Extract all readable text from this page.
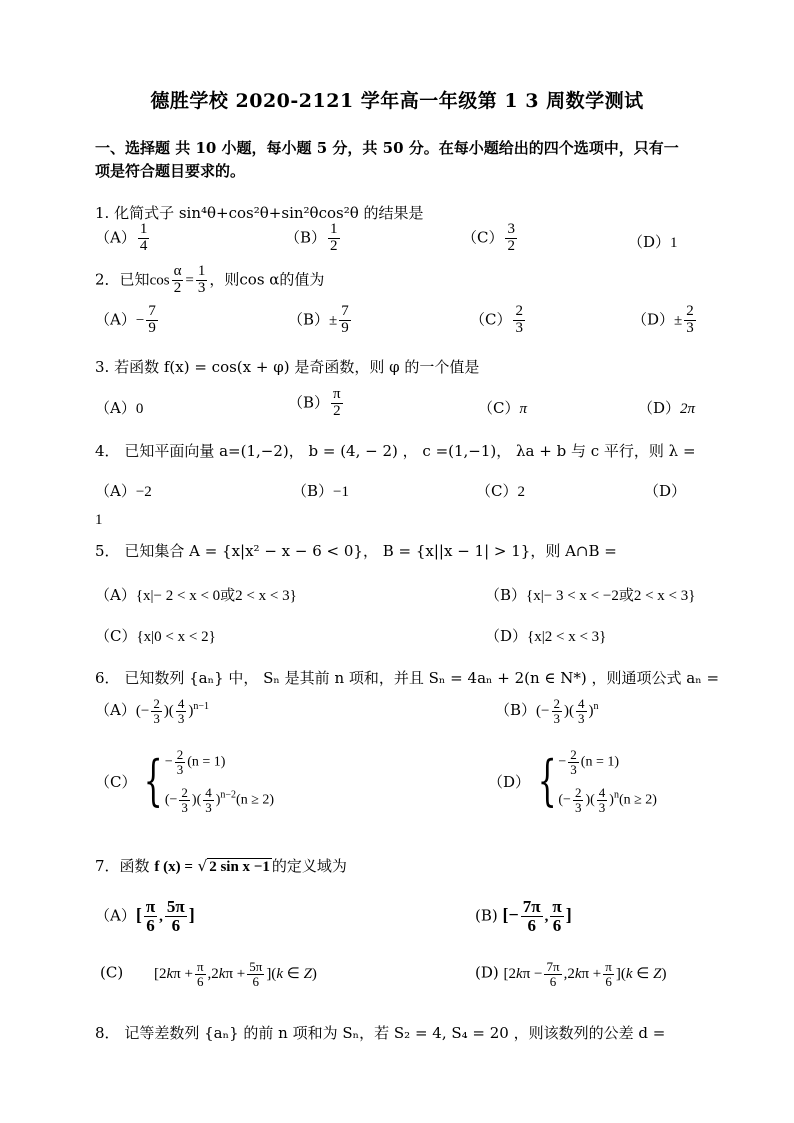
德胜学校 2020-2121 学年高一年级第 1 3 周数学测试
一、选择题 共 10 小题，每小题 5 分，共 50 分。在每小题给出的四个选项中，只有一
项是符合题目要求的。
1. 化简式子 sin⁴θ+cos²θ+sin²θcos²θ 的结果是
$(A) \frac{1}{4}$	$(B) \frac{1}{2}$	$(C) \frac{3}{2}$	（D）1
2．已知$\cos \frac{\alpha}{2} = \frac{1}{3}$ ，则cos α的值为
$(A)- \frac{7}{9}$	$(B)\pm \frac{7}{9}$	$(C) \frac{2}{3}$	$(D)\pm \frac{2}{3}$
3. 若函数 f(x) = cos(x + φ) 是奇函数，则 φ 的一个值是
（A）0	$(B) \frac{\pi}{2}$	（C）π	（D）2π
4． 已知平面向量 a=(1,−2)， b = (4, − 2) ， c =(1,−1)， λa + b 与 c 平行，则 λ =
（A）−2	（B）−1	（C）2	（D）
1
5． 已知集合 A = {x|x² − x − 6 < 0}， B = {x||x − 1| > 1}，则 A∩B =
（A）{x|− 2 < x < 0或2 < x < 3}	（B）{x|− 3 < x < −2或2 < x < 3}
（C）{x|0 < x < 2}	（D）{x|2 < x < 3}
6． 已知数列 {aₙ} 中， Sₙ 是其前 n 项和，并且 Sₙ = 4aₙ + 2(n ∈ N*) ，则通项公式 aₙ =
$(A)(- \frac{2}{3}$ )( $\frac{4}{3} )^{n-1}$	$(B)(- \frac{2}{3}$ )( $\frac{4}{3} )^n$
（C） { − $\frac{2}{3} (n = 1)$
(− $\frac{2}{3}$ )( $\frac{4}{3} )^{n-2}(n \ge 2)$
（D） { − $\frac{2}{3} (n = 1)$
(− $\frac{2}{3}$ )( $\frac{4}{3} )^n(n \ge 2)$
7．函数 f (x) = √ 2 sin x −1 的定义域为
$(A)[ \frac{\pi}{6}$ , $\frac{5\pi}{6}$ ]	(B) [− $\frac{7\pi}{6}$ , $\frac{\pi}{6}$ ]
(C) $[2k\pi + \frac{\pi}{6} ,2k\pi + \frac{5\pi}{6} ](k$ ∈ Z)	(D) $[2k\pi - \frac{7\pi}{6} ,2k\pi + \frac{\pi}{6} ](k$ ∈ Z)
8． 记等差数列 {aₙ} 的前 n 项和为 Sₙ，若 S₂ = 4, S₄ = 20 ，则该数列的公差 d =
